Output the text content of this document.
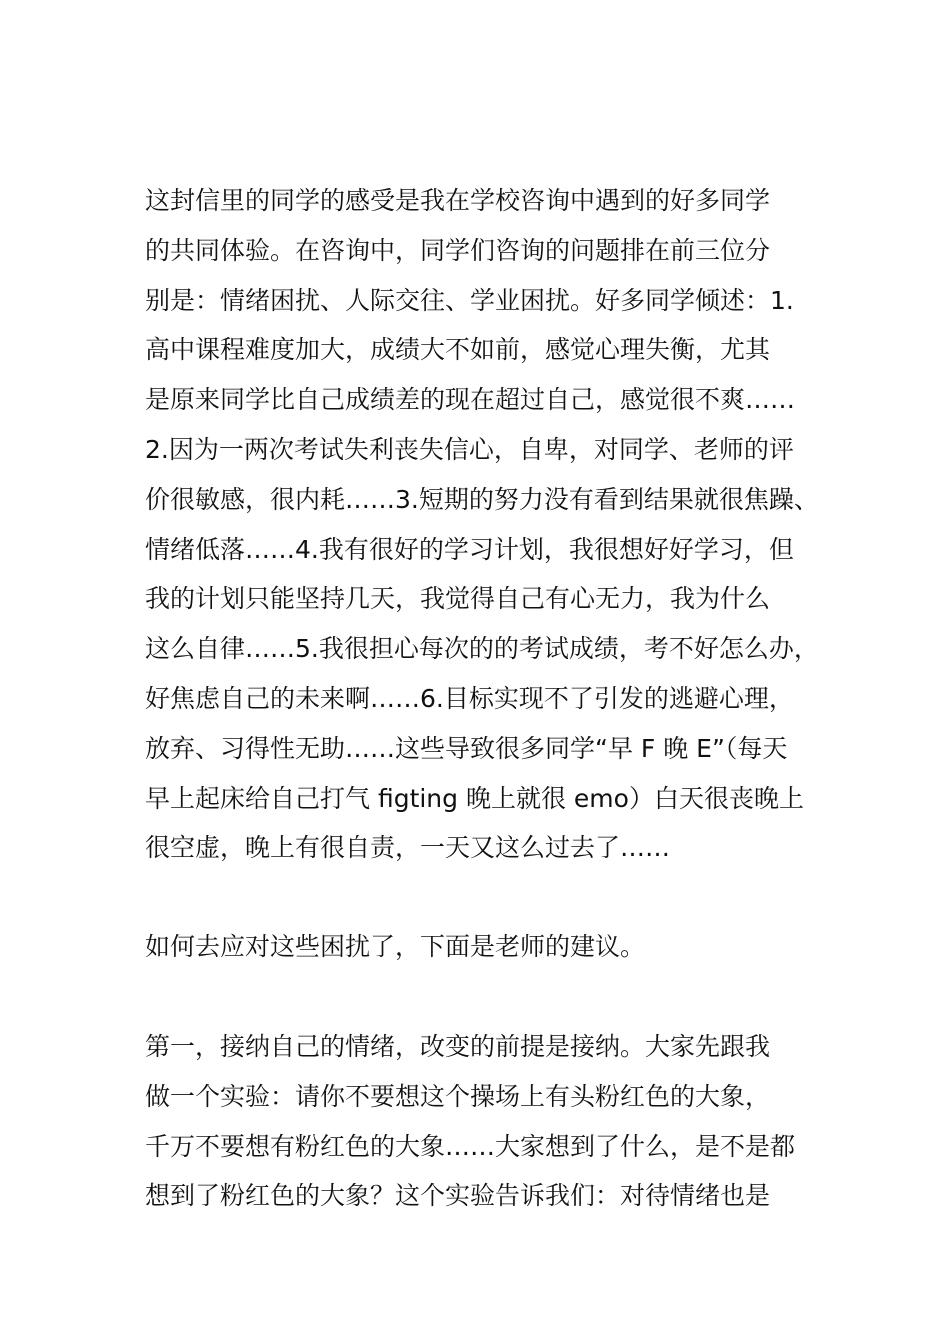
这封信里的同学的感受是我在学校咨询中遇到的好多同学
的共同体验。在咨询中，同学们咨询的问题排在前三位分
别是：情绪困扰、人际交往、学业困扰。好多同学倾述：1.
高中课程难度加大，成绩大不如前，感觉心理失衡，尤其
是原来同学比自己成绩差的现在超过自己，感觉很不爽……
2.因为一两次考试失利丧失信心，自卑，对同学、老师的评
价很敏感，很内耗……3.短期的努力没有看到结果就很焦躁、
情绪低落……4.我有很好的学习计划，我很想好好学习，但
我的计划只能坚持几天，我觉得自己有心无力，我为什么
这么自律……5.我很担心每次的的考试成绩，考不好怎么办，
好焦虑自己的未来啊……6.目标实现不了引发的逃避心理，
放弃、习得性无助……这些导致很多同学“早 F 晚 E”（每天
早上起床给自己打气 figting 晚上就很 emo）白天很丧晚上
很空虚，晚上有很自责，一天又这么过去了……
如何去应对这些困扰了，下面是老师的建议。
第一，接纳自己的情绪，改变的前提是接纳。大家先跟我
做一个实验：请你不要想这个操场上有头粉红色的大象，
千万不要想有粉红色的大象……大家想到了什么，是不是都
想到了粉红色的大象？这个实验告诉我们：对待情绪也是
